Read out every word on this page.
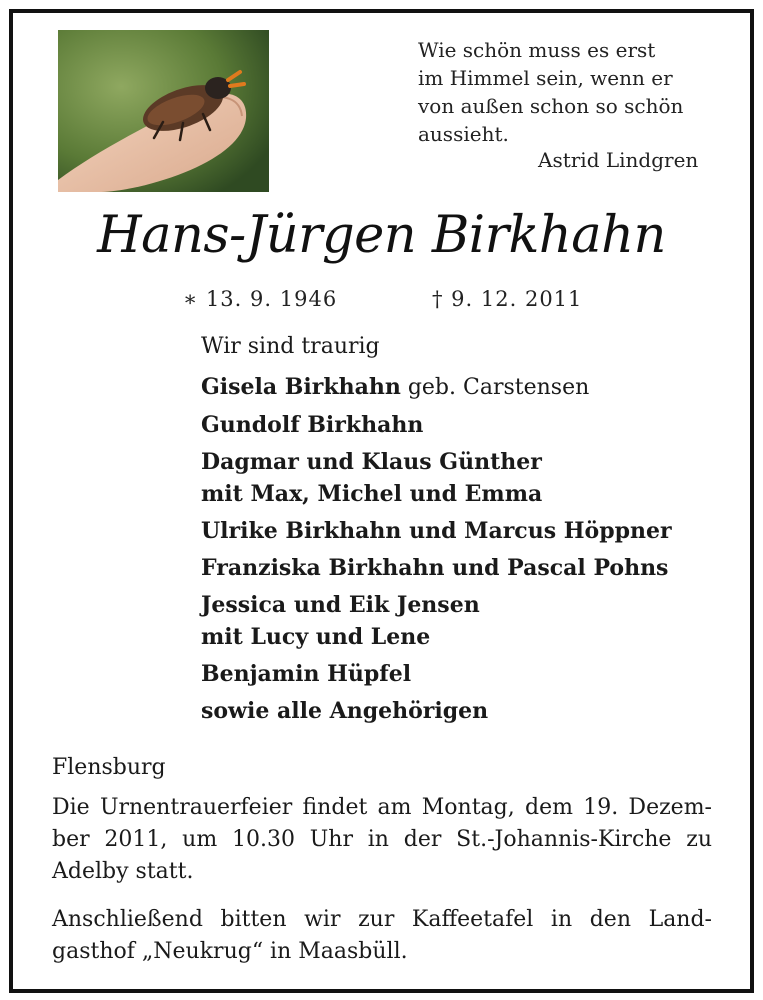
Wie schön muss es erst
im Himmel sein, wenn er
von außen schon so schön
aussieht.
Astrid Lindgren
Hans-Jürgen Birkhahn
∗ 13. 9. 1946	† 9. 12. 2011
Wir sind traurig
Gisela Birkhahn geb. Carstensen
Gundolf Birkhahn
Dagmar und Klaus Günther
mit Max, Michel und Emma
Ulrike Birkhahn und Marcus Höppner
Franziska Birkhahn und Pascal Pohns
Jessica und Eik Jensen
mit Lucy und Lene
Benjamin Hüpfel
sowie alle Angehörigen
Flensburg
Die Urnentrauerfeier findet am Montag, dem 19. Dezem-
ber 2011, um 10.30 Uhr in der St.-Johannis-Kirche zu
Adelby statt.
Anschließend bitten wir zur Kaffeetafel in den Land-
gasthof „Neukrug“ in Maasbüll.
